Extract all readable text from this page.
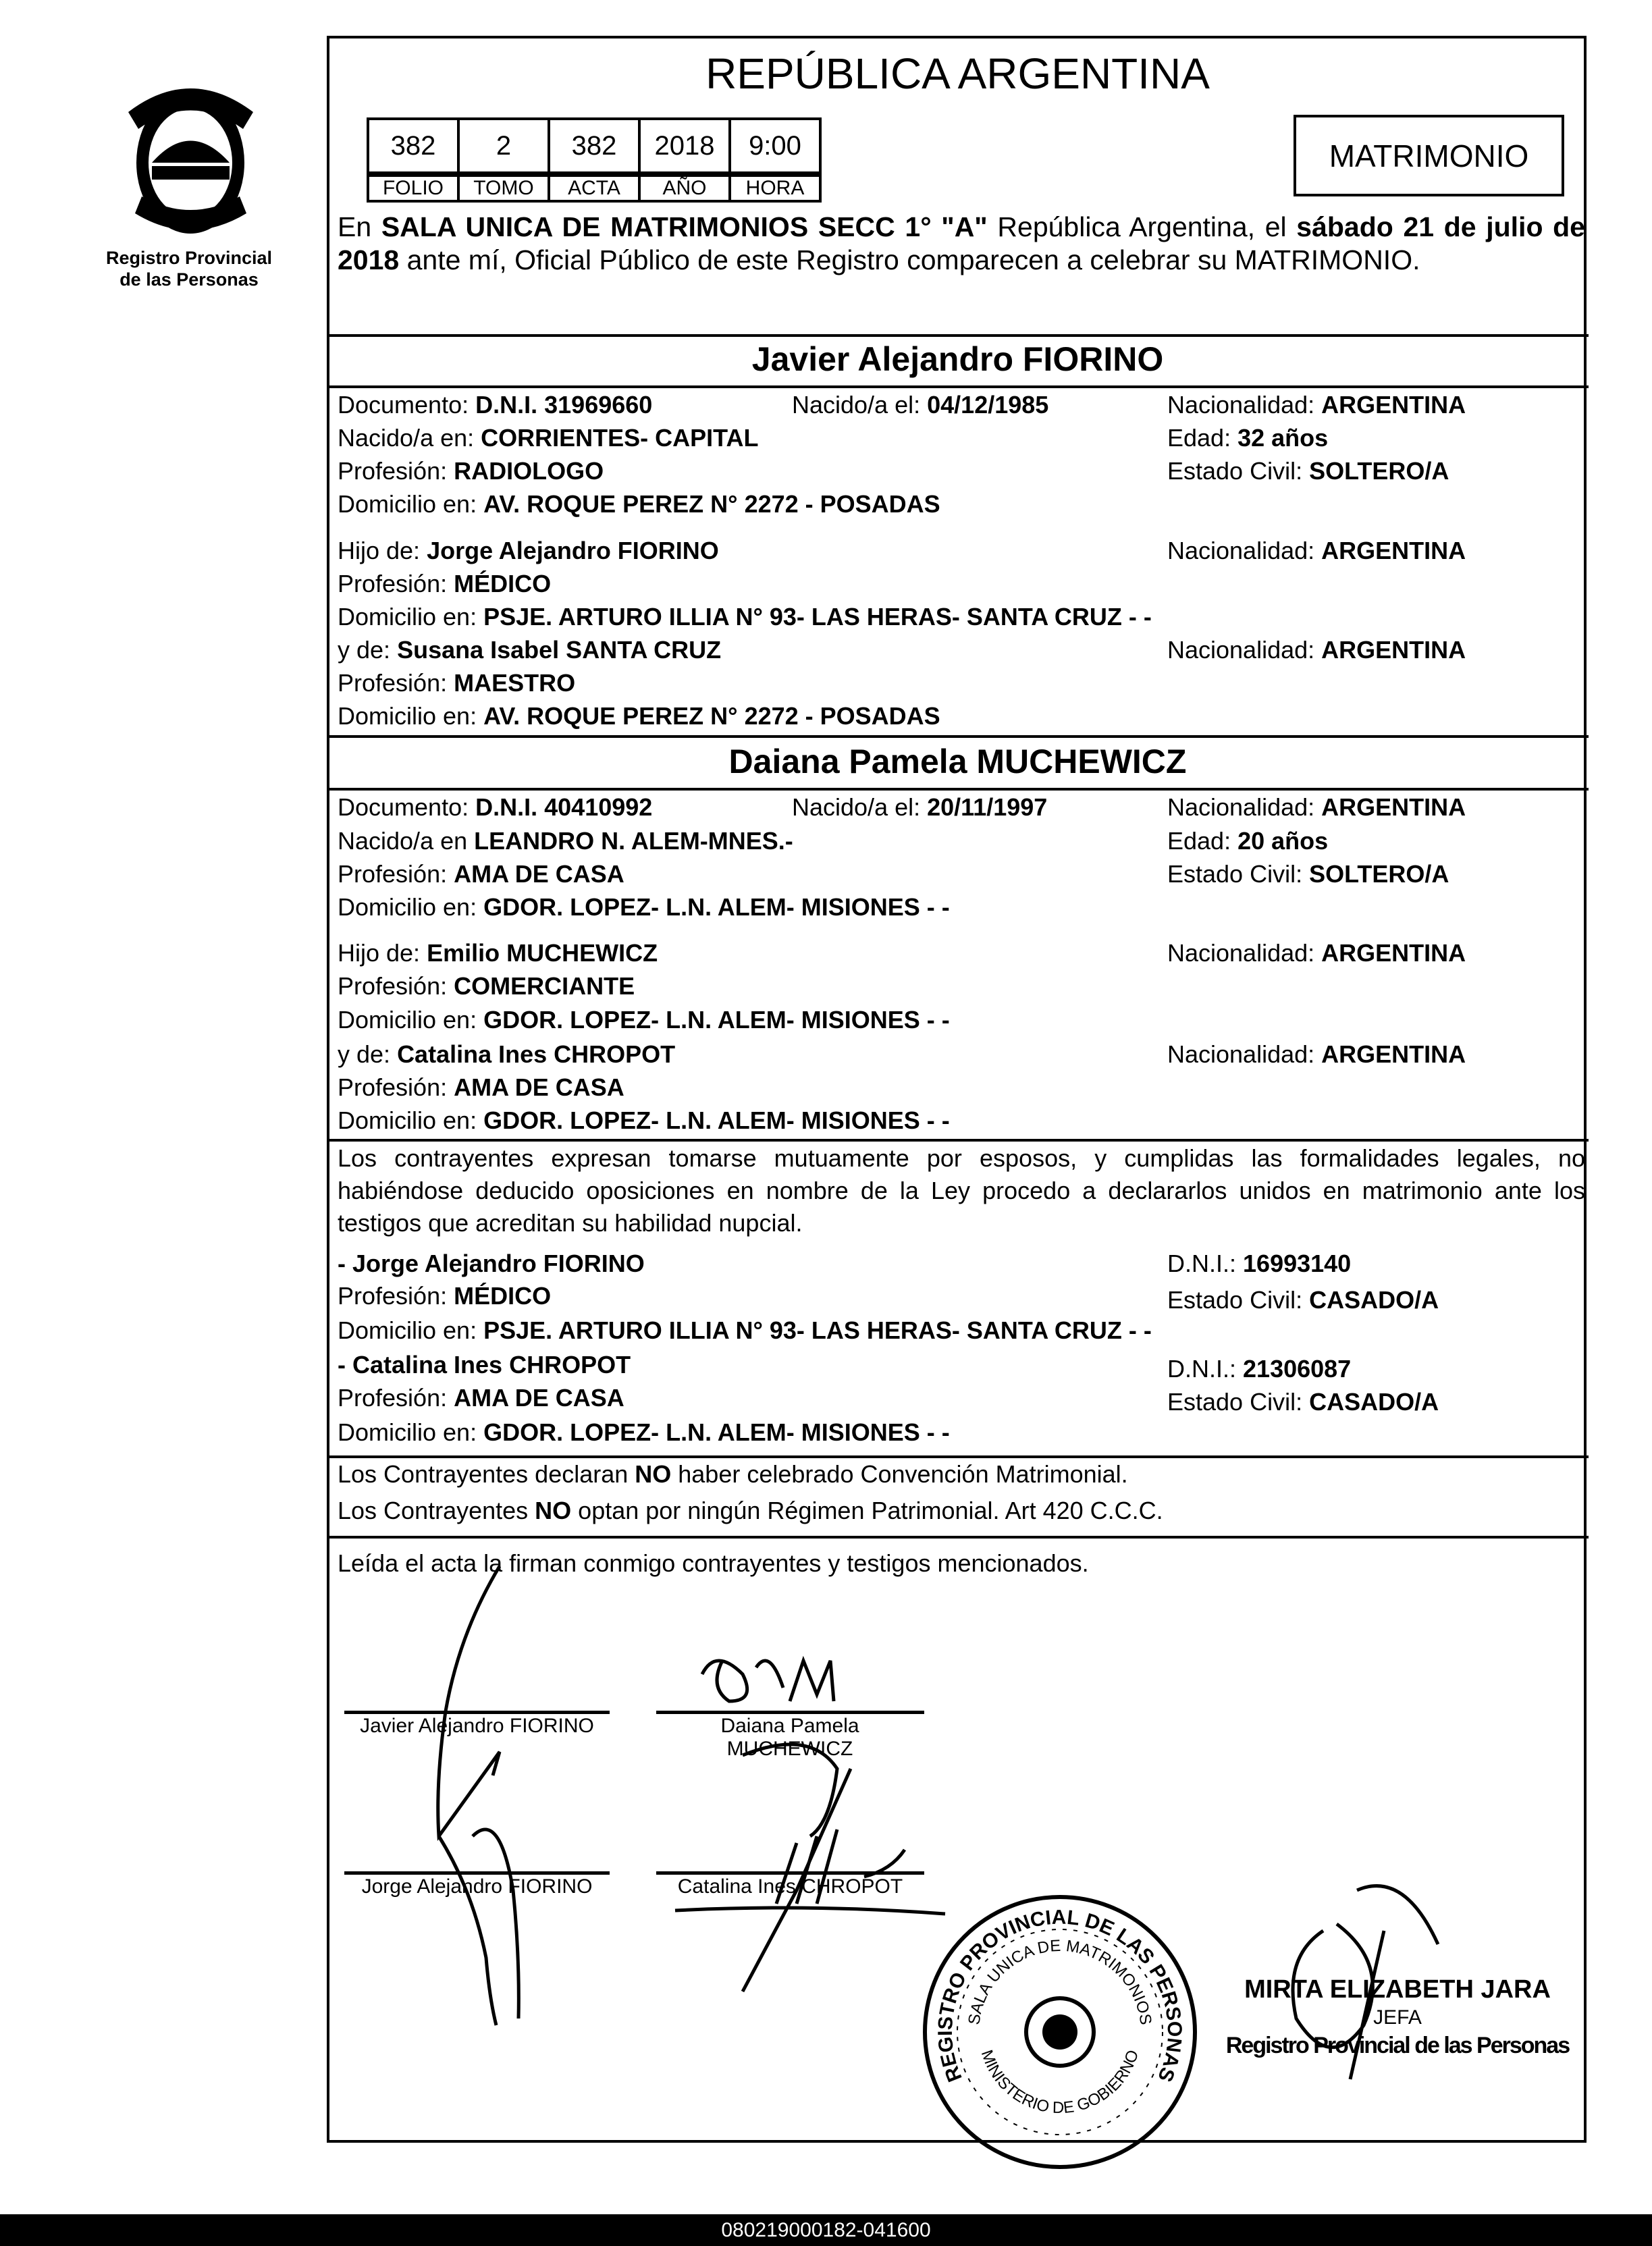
Registro Provincial
de las Personas
REPÚBLICA ARGENTINA
382	2	382	2018	9:00
FOLIO	TOMO	ACTA	AÑO	HORA
MATRIMONIO
En SALA UNICA DE MATRIMONIOS SECC 1° "A" República Argentina, el sábado 21 de julio de 2018 ante mí, Oficial Público de este Registro comparecen a celebrar su MATRIMONIO.
Javier Alejandro FIORINO
Documento: D.N.I. 31969660	Nacido/a el: 04/12/1985	Nacionalidad: ARGENTINA
Nacido/a en: CORRIENTES- CAPITAL	Edad: 32 años
Profesión: RADIOLOGO	Estado Civil: SOLTERO/A
Domicilio en: AV. ROQUE PEREZ N° 2272 - POSADAS
Hijo de: Jorge Alejandro FIORINO	Nacionalidad: ARGENTINA
Profesión: MÉDICO
Domicilio en: PSJE. ARTURO ILLIA N° 93- LAS HERAS- SANTA CRUZ - -
y de: Susana Isabel SANTA CRUZ	Nacionalidad: ARGENTINA
Profesión: MAESTRO
Domicilio en: AV. ROQUE PEREZ N° 2272 - POSADAS
Daiana Pamela MUCHEWICZ
Documento: D.N.I. 40410992	Nacido/a el: 20/11/1997	Nacionalidad: ARGENTINA
Nacido/a en LEANDRO N. ALEM-MNES.-	Edad: 20 años
Profesión: AMA DE CASA	Estado Civil: SOLTERO/A
Domicilio en: GDOR. LOPEZ- L.N. ALEM- MISIONES - -
Hijo de: Emilio MUCHEWICZ	Nacionalidad: ARGENTINA
Profesión: COMERCIANTE
Domicilio en: GDOR. LOPEZ- L.N. ALEM- MISIONES - -
y de: Catalina Ines CHROPOT	Nacionalidad: ARGENTINA
Profesión: AMA DE CASA
Domicilio en: GDOR. LOPEZ- L.N. ALEM- MISIONES - -
Los contrayentes expresan tomarse mutuamente por esposos, y cumplidas las formalidades legales, no habiéndose deducido oposiciones en nombre de la Ley procedo a declararlos unidos en matrimonio ante los testigos que acreditan su habilidad nupcial.
- Jorge Alejandro FIORINO	D.N.I.: 16993140
Profesión: MÉDICO	Estado Civil: CASADO/A
Domicilio en: PSJE. ARTURO ILLIA N° 93- LAS HERAS- SANTA CRUZ - -
- Catalina Ines CHROPOT	D.N.I.: 21306087
Profesión: AMA DE CASA	Estado Civil: CASADO/A
Domicilio en: GDOR. LOPEZ- L.N. ALEM- MISIONES - -
Los Contrayentes declaran NO haber celebrado Convención Matrimonial.
Los Contrayentes NO optan por ningún Régimen Patrimonial. Art 420 C.C.C.
Leída el acta la firman conmigo contrayentes y testigos mencionados.
Javier Alejandro FIORINO	Daiana Pamela MUCHEWICZ
Jorge Alejandro FIORINO	Catalina Ines CHROPOT
REGISTRO PROVINCIAL DE LAS PERSONAS
SALA UNICA DE MATRIMONIOS
MINISTERIO DE GOBIERNO
MIRTA ELIZABETH JARA
JEFA
Registro Provincial de las Personas
080219000182-041600
